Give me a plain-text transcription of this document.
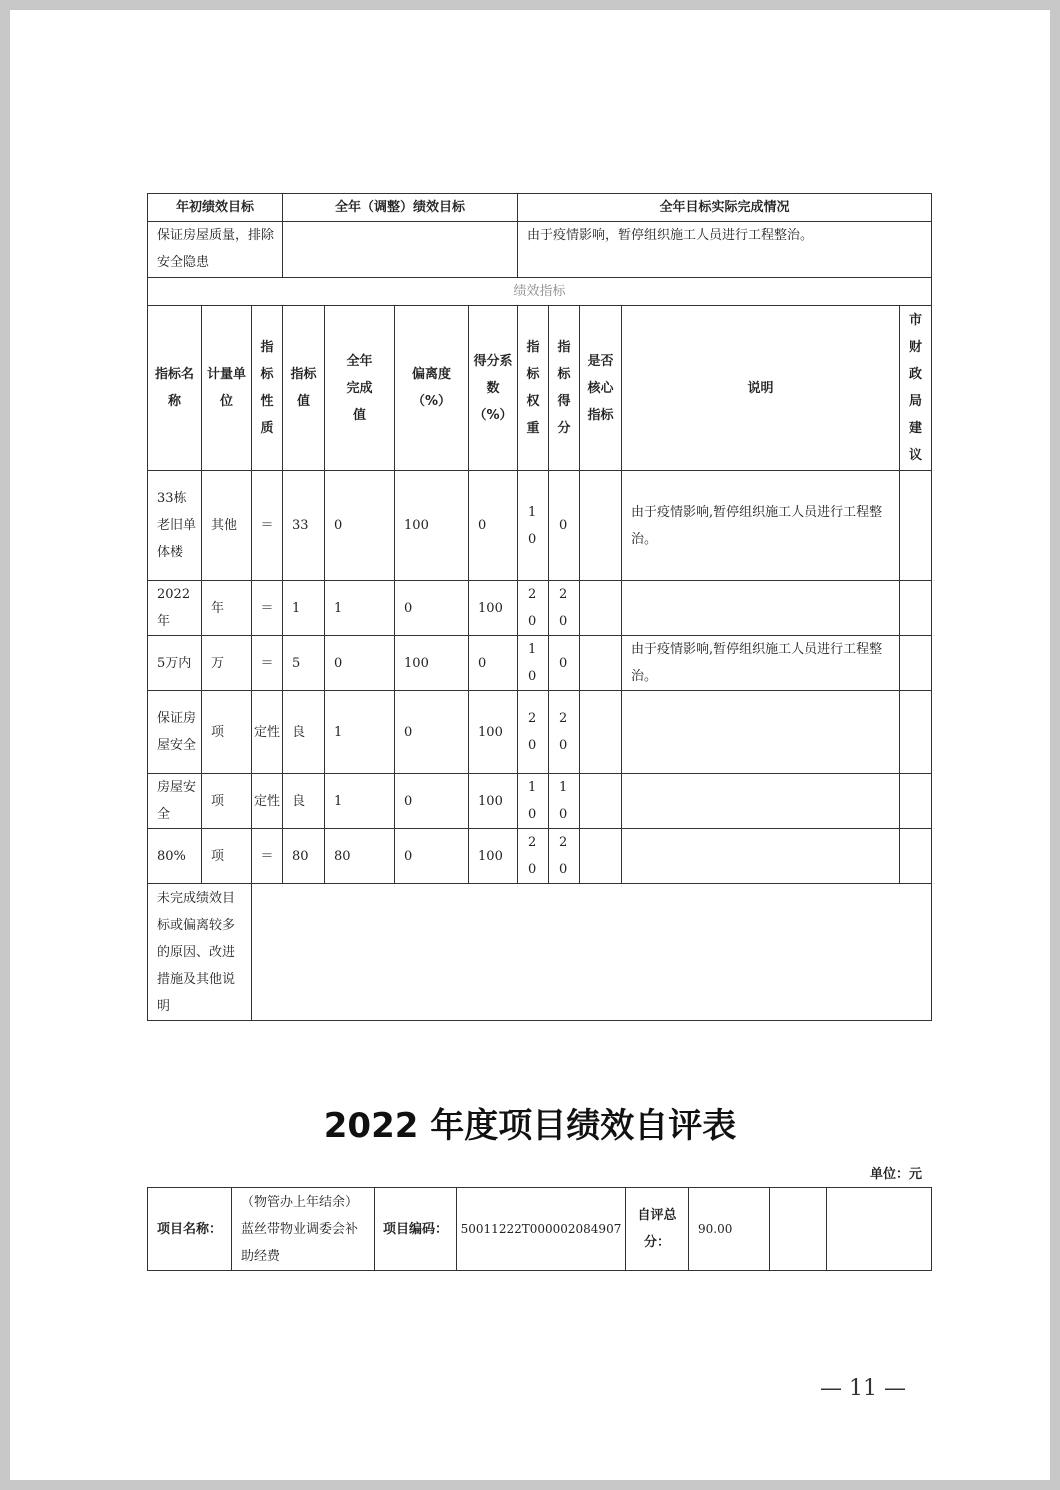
年初绩效目标			全年（调整）绩效目标				全年目标实际完成情况				
保证房屋质量，排除安全隐患							由于疫情影响，暂停组织施工人员进行工程整治。				
绩效指标											
指标名称	计量单位	指标性质	指标值	全年完成值	偏离度（%）	得分系数（%）	指标权重	指标得分	是否核心指标	说明	市财政局建议
33栋老旧单体楼	其他	＝	33	0	100	0	10	0		由于疫情影响,暂停组织施工人员进行工程整治。	
2022年	年	＝	1	1	0	100	20	20			
5万内	万	＝	5	0	100	0	10	0		由于疫情影响,暂停组织施工人员进行工程整治。	
保证房屋安全	项	定性	良	1	0	100	20	20			
房屋安全	项	定性	良	1	0	100	10	10			
80%	项	＝	80	80	0	100	20	20			
未完成绩效目标或偏离较多的原因、改进措施及其他说明											
2022 年度项目绩效自评表
单位：元
项目名称：	（物管办上年结余）蓝丝带物业调委会补助经费	项目编码：	50011222T000002084907	自评总分：	90.00		
— 11 —
